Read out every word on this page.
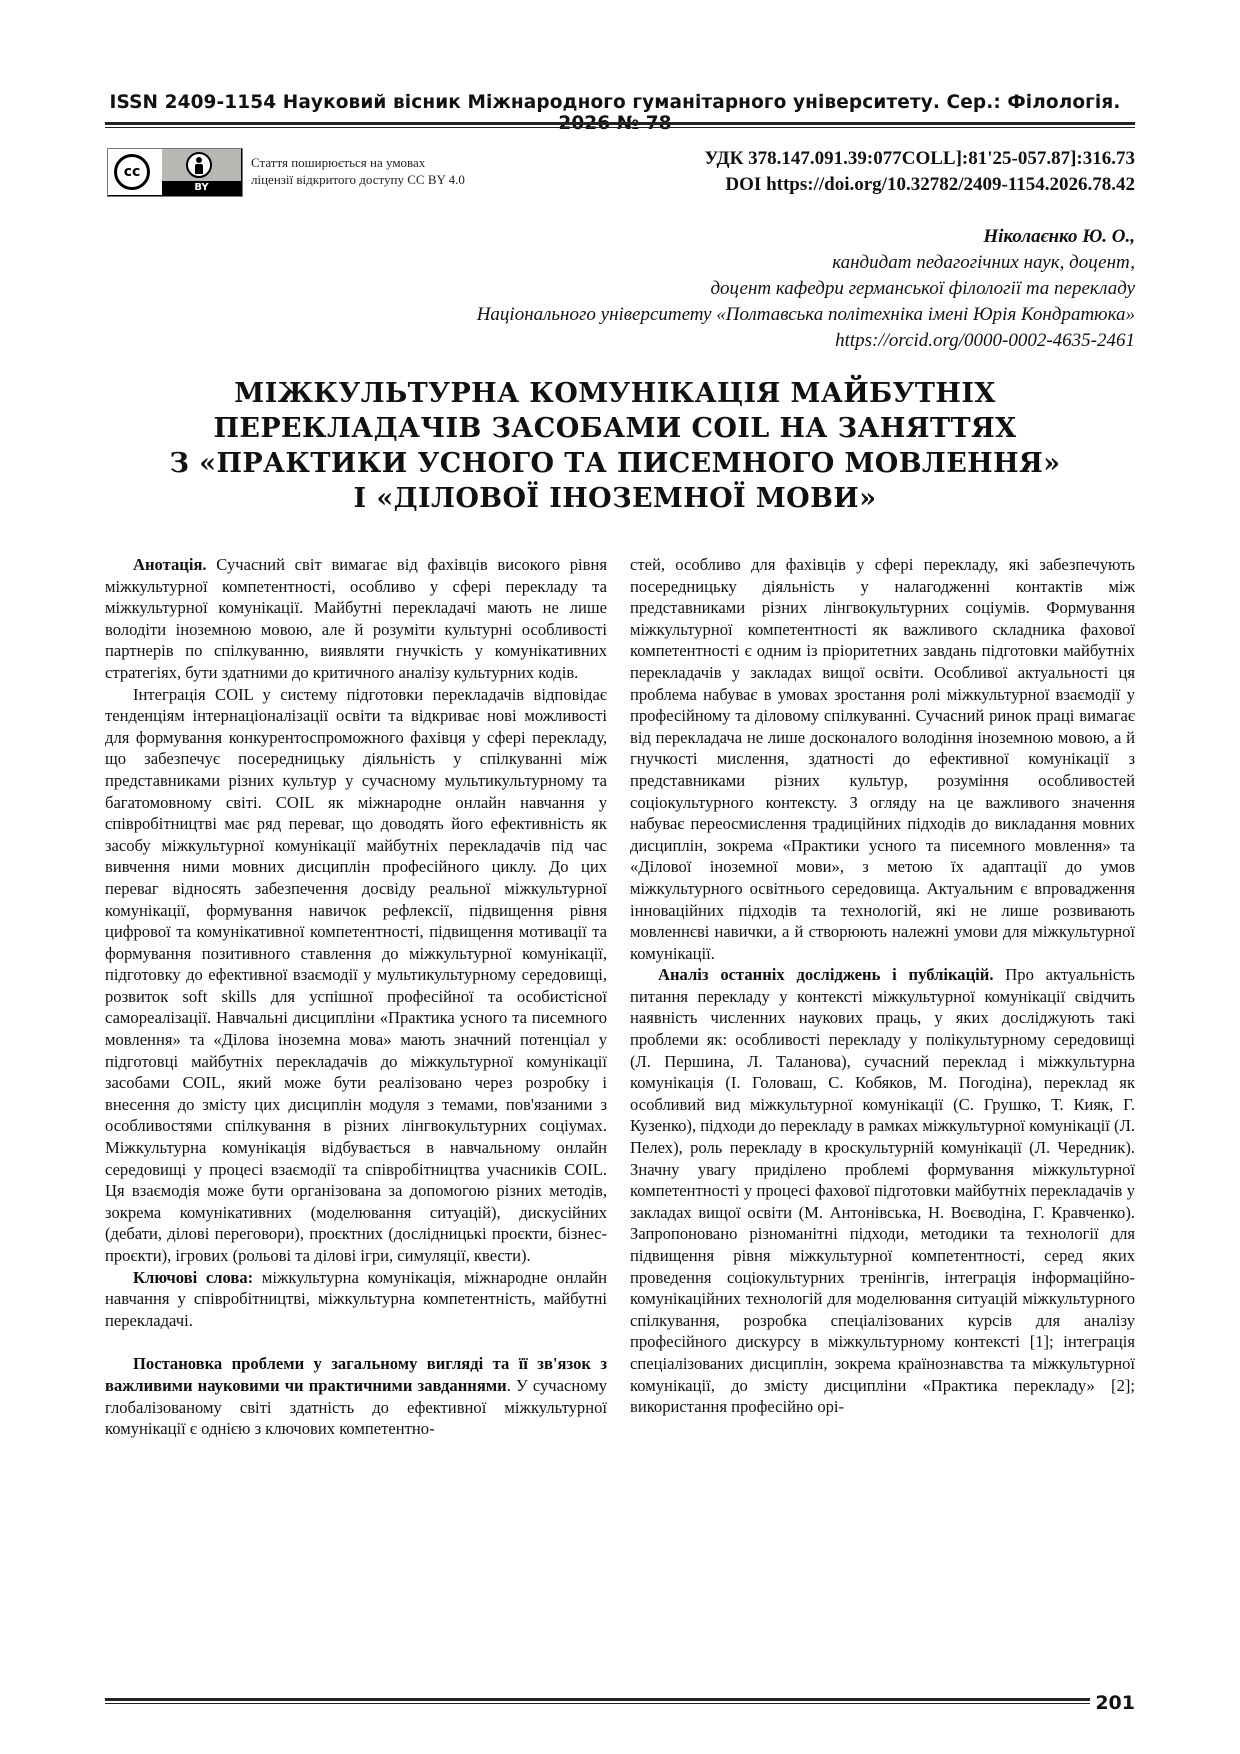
ISSN 2409-1154 Науковий вісник Міжнародного гуманітарного університету. Сер.: Філологія.
cc
BY
Стаття поширюється на умовах
ліцензії відкритого доступу CC BY 4.0
УДК 378.147.091.39:077COLL]:81'25-057.87]:316.73
DOI https://doi.org/10.32782/2409-1154.2026.78.42
Ніколаєнко Ю. О.,
кандидат педагогічних наук, доцент,
доцент кафедри германської філології та перекладу
Національного університету «Полтавська політехніка імені Юрія Кондратюка»
https://orcid.org/0000-0002-4635-2461
МІЖКУЛЬТУРНА КОМУНІКАЦІЯ МАЙБУТНІХ
ПЕРЕКЛАДАЧІВ ЗАСОБАМИ COIL НА ЗАНЯТТЯХ
З «ПРАКТИКИ УСНОГО ТА ПИСЕМНОГО МОВЛЕННЯ»
І «ДІЛОВОЇ ІНОЗЕМНОЇ МОВИ»

Анотація. Сучасний світ вимагає від фахівців високого рівня міжкультурної компетентності, особливо у сфері перекладу та міжкультурної комунікації. Майбутні перекладачі мають не лише володіти іноземною мовою, але й розуміти культурні особливості партнерів по спілкуванню, виявляти гнучкість у комунікативних стратегіях, бути здатними до критичного аналізу культурних кодів.

Інтеграція COIL у систему підготовки перекладачів відповідає тенденціям інтернаціоналізації освіти та відкриває нові можливості для формування конкурентоспроможного фахівця у сфері перекладу, що забезпечує посередницьку діяльність у спілкуванні між представниками різних культур у сучасному мультикультурному та багатомовному світі. COIL як міжнародне онлайн навчання у співробітництві має ряд переваг, що доводять його ефективність як засобу міжкультурної комунікації майбутніх перекладачів під час вивчення ними мовних дисциплін професійного циклу. До цих переваг відносять забезпечення досвіду реальної міжкультурної комунікації, формування навичок рефлексії, підвищення рівня цифрової та комунікативної компетентності, підвищення мотивації та формування позитивного ставлення до міжкультурної комунікації, підготовку до ефективної взаємодії у мультикультурному середовищі, розвиток soft skills для успішної професійної та особистісної самореалізації. Навчальні дисципліни «Практика усного та писемного мовлення» та «Ділова іноземна мова» мають значний потенціал у підготовці майбутніх перекладачів до міжкультурної комунікації засобами COIL, який може бути реалізовано через розробку і внесення до змісту цих дисциплін модуля з темами, пов'язаними з особливостями спілкування в різних лінгвокультурних соціумах. Міжкультурна комунікація відбувається в навчальному онлайн середовищі у процесі взаємодії та співробітництва учасників COIL. Ця взаємодія може бути організована за допомогою різних методів, зокрема комунікативних (моделювання ситуацій), дискусійних (дебати, ділові переговори), проєктних (дослідницькі проєкти, бізнес-проєкти), ігрових (рольові та ділові ігри, симуляції, квести).

Ключові слова: міжкультурна комунікація, міжнародне онлайн навчання у співробітництві, міжкультурна компетентність, майбутні перекладачі.

Постановка проблеми у загальному вигляді та її зв'язок з важливими науковими чи практичними завданнями. У сучасному глобалізованому світі здатність до ефективної міжкультурної комунікації є однією з ключових компетентно-

стей, особливо для фахівців у сфері перекладу, які забезпечують посередницьку діяльність у налагодженні контактів між представниками різних лінгвокультурних соціумів. Формування міжкультурної компетентності як важливого складника фахової компетентності є одним із пріоритетних завдань підготовки майбутніх перекладачів у закладах вищої освіти. Особливої актуальності ця проблема набуває в умовах зростання ролі міжкультурної взаємодії у професійному та діловому спілкуванні. Сучасний ринок праці вимагає від перекладача не лише досконалого володіння іноземною мовою, а й гнучкості мислення, здатності до ефективної комунікації з представниками різних культур, розуміння особливостей соціокультурного контексту. З огляду на це важливого значення набуває переосмислення традиційних підходів до викладання мовних дисциплін, зокрема «Практики усного та писемного мовлення» та «Ділової іноземної мови», з метою їх адаптації до умов міжкультурного освітнього середовища. Актуальним є впровадження інноваційних підходів та технологій, які не лише розвивають мовленнєві навички, а й створюють належні умови для міжкультурної комунікації.

Аналіз останніх досліджень і публікацій. Про актуальність питання перекладу у контексті міжкультурної комунікації свідчить наявність численних наукових праць, у яких досліджують такі проблеми як: особливості перекладу у полікультурному середовищі (Л. Першина, Л. Таланова), сучасний переклад і міжкультурна комунікація (І. Головаш, С. Кобяков, М. Погодіна), переклад як особливий вид міжкультурної комунікації (С. Грушко, Т. Кияк, Г. Кузенко), підходи до перекладу в рамках міжкультурної комунікації (Л. Пелех), роль перекладу в кроскультурній комунікації (Л. Чередник). Значну увагу приділено проблемі формування міжкультурної компетентності у процесі фахової підготовки майбутніх перекладачів у закладах вищої освіти (М. Антонівська, Н. Воєводіна, Г. Кравченко). Запропоновано різноманітні підходи, методики та технології для підвищення рівня міжкультурної компетентності, серед яких проведення соціокультурних тренінгів, інтеграція інформаційно-комунікаційних технологій для моделювання ситуацій міжкультурного спілкування, розробка спеціалізованих курсів для аналізу професійного дискурсу в міжкультурному контексті [1]; інтеграція спеціалізованих дисциплін, зокрема країнознавства та міжкультурної комунікації, до змісту дисципліни «Практика перекладу» [2]; використання професійно орі-

201
